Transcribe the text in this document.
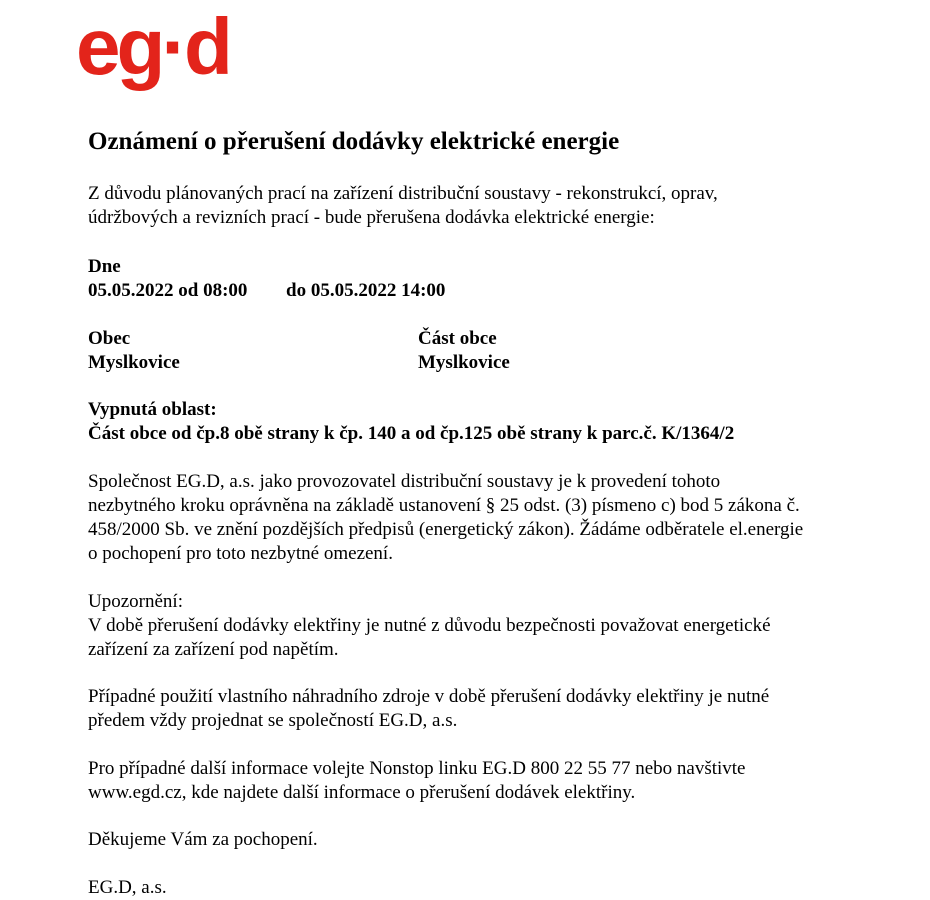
eg·d
Oznámení o přerušení dodávky elektrické energie
Z důvodu plánovaných prací na zařízení distribuční soustavy - rekonstrukcí, oprav,
údržbových a revizních prací - bude přerušena dodávka elektrické energie:
Dne
05.05.2022 od 08:00 do 05.05.2022 14:00
Obec
Myslkovice
Část obce
Myslkovice
Vypnutá oblast:
Část obce od čp.8 obě strany k čp. 140 a od čp.125 obě strany k parc.č. K/1364/2
Společnost EG.D, a.s. jako provozovatel distribuční soustavy je k provedení tohoto
nezbytného kroku oprávněna na základě ustanovení § 25 odst. (3) písmeno c) bod 5 zákona č.
458/2000 Sb. ve znění pozdějších předpisů (energetický zákon). Žádáme odběratele el.energie
o pochopení pro toto nezbytné omezení.
Upozornění:
V době přerušení dodávky elektřiny je nutné z důvodu bezpečnosti považovat energetické
zařízení za zařízení pod napětím.
Případné použití vlastního náhradního zdroje v době přerušení dodávky elektřiny je nutné
předem vždy projednat se společností EG.D, a.s.
Pro případné další informace volejte Nonstop linku EG.D 800 22 55 77 nebo navštivte
www.egd.cz, kde najdete další informace o přerušení dodávek elektřiny.
Děkujeme Vám za pochopení.
EG.D, a.s.
